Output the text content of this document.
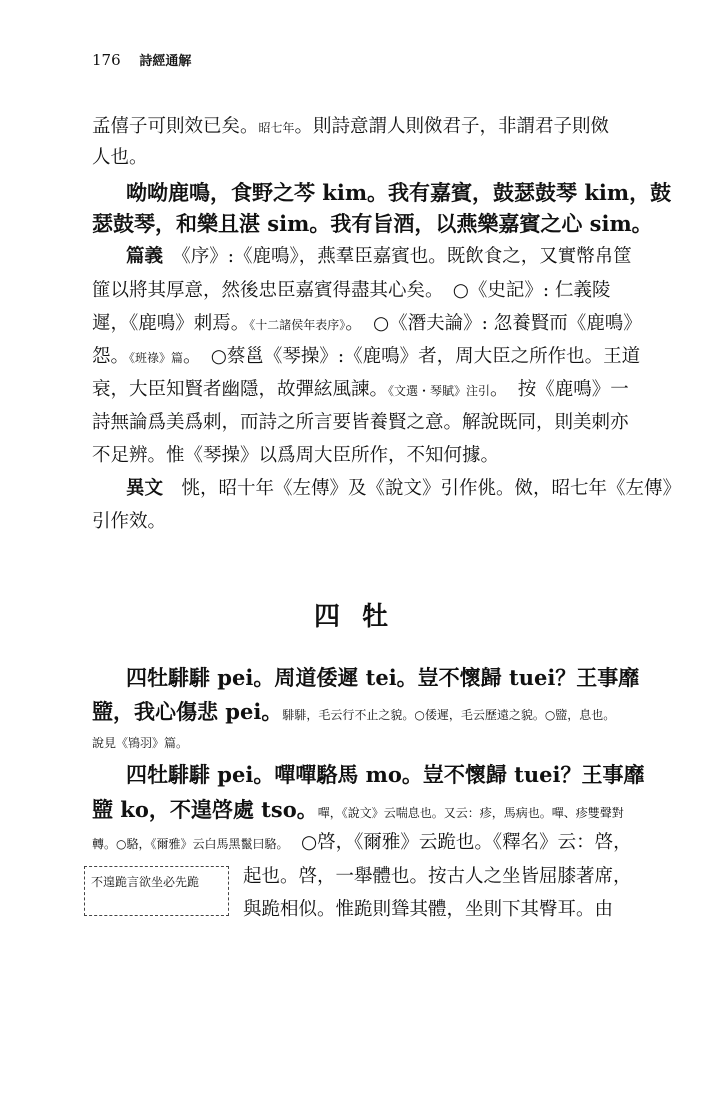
176 詩經通解
孟僖子可則效已矣。昭七年。則詩意謂人則傚君子，非謂君子則傚
人也。
呦呦鹿鳴，食野之芩 kim。我有嘉賓，鼓瑟鼓琴 kim，鼓
瑟鼓琴，和樂且湛 sim。我有旨酒，以燕樂嘉賓之心 sim。
篇義　 《序》:《鹿鳴》，燕羣臣嘉賓也。既飲食之，又實幣帛筐
篚以將其厚意，然後忠臣嘉賓得盡其心矣。　○《史記》: 仁義陵
遲，《鹿鳴》刺焉。《十二諸侯年表序》。　○《潛夫論》: 忽養賢而《鹿鳴》
怨。《班祿》篇。　○蔡邕《琴操》:《鹿鳴》者，周大臣之所作也。王道
衰，大臣知賢者幽隱，故彈絃風諫。《文選・琴賦》注引。　按《鹿鳴》一
詩無論爲美爲刺，而詩之所言要皆養賢之意。解說既同，則美刺亦
不足辨。惟《琴操》以爲周大臣所作，不知何據。
異文　 恌，昭十年《左傳》及《說文》引作佻。傚，昭七年《左傳》
引作效。
四牡
四牡騑騑 pei。周道倭遲 tei。豈不懷歸 tuei？王事靡
盬，我心傷悲 pei。騑騑，毛云行不止之貌。○倭遲，毛云歷遠之貌。○盬，息也。
說見《鴇羽》篇。
四牡騑騑 pei。嘽嘽駱馬 mo。豈不懷歸 tuei？王事靡
盬 ko，不遑啓處 tso。嘽，《說文》云喘息也。又云：疹，馬病也。嘽、疹雙聲對
轉。○駱，《爾雅》云白馬黑鬣曰駱。　○啓，《爾雅》云跪也。《釋名》云：啓，
起也。啓，一舉體也。按古人之坐皆屈膝著席，
與跪相似。惟跪則聳其體，坐則下其臀耳。由
不遑跪言欲坐必先跪
